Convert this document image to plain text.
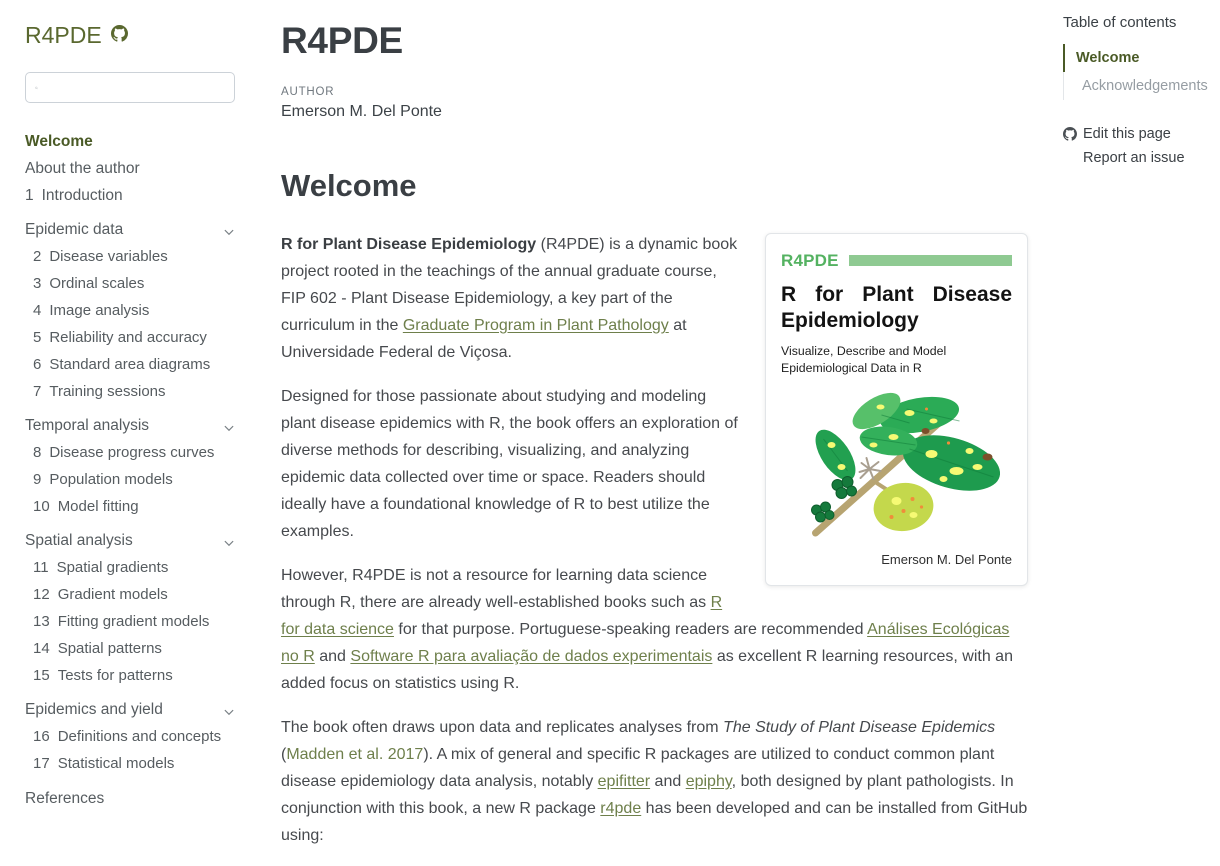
R4PDE
Welcome
About the author
1 Introduction
Epidemic data
2 Disease variables
3 Ordinal scales
4 Image analysis
5 Reliability and accuracy
6 Standard area diagrams
7 Training sessions
Temporal analysis
8 Disease progress curves
9 Population models
10 Model fitting
Spatial analysis
11 Spatial gradients
12 Gradient models
13 Fitting gradient models
14 Spatial patterns
15 Tests for patterns
Epidemics and yield
16 Definitions and concepts
17 Statistical models
References
R4PDE
AUTHOR
Emerson M. Del Ponte
Welcome
R4PDE
R for Plant Disease Epidemiology
Visualize, Describe and Model
Epidemiological Data in R
Emerson M. Del Ponte

R for Plant Disease Epidemiology (R4PDE) is a dynamic book project rooted in the teachings of the annual graduate course, FIP 602 - Plant Disease Epidemiology, a key part of the curriculum in the Graduate Program in Plant Pathology at Universidade Federal de Viçosa.

Designed for those passionate about studying and modeling plant disease epidemics with R, the book offers an exploration of diverse methods for describing, visualizing, and analyzing epidemic data collected over time or space. Readers should ideally have a foundational knowledge of R to best utilize the examples.

However, R4PDE is not a resource for learning data science through R, there are already well-established books such as R for data science for that purpose. Portuguese-speaking readers are recommended Análises Ecológicas no R and Software R para avaliação de dados experimentais as excellent R learning resources, with an added focus on statistics using R.

The book often draws upon data and replicates analyses from The Study of Plant Disease Epidemics (Madden et al. 2017). A mix of general and specific R packages are utilized to conduct common plant disease epidemiology data analysis, notably epifitter and epiphy, both designed by plant pathologists. In conjunction with this book, a new R package r4pde has been developed and can be installed from GitHub using:

Table of contents
Welcome
Acknowledgements
Edit this page
Report an issue
